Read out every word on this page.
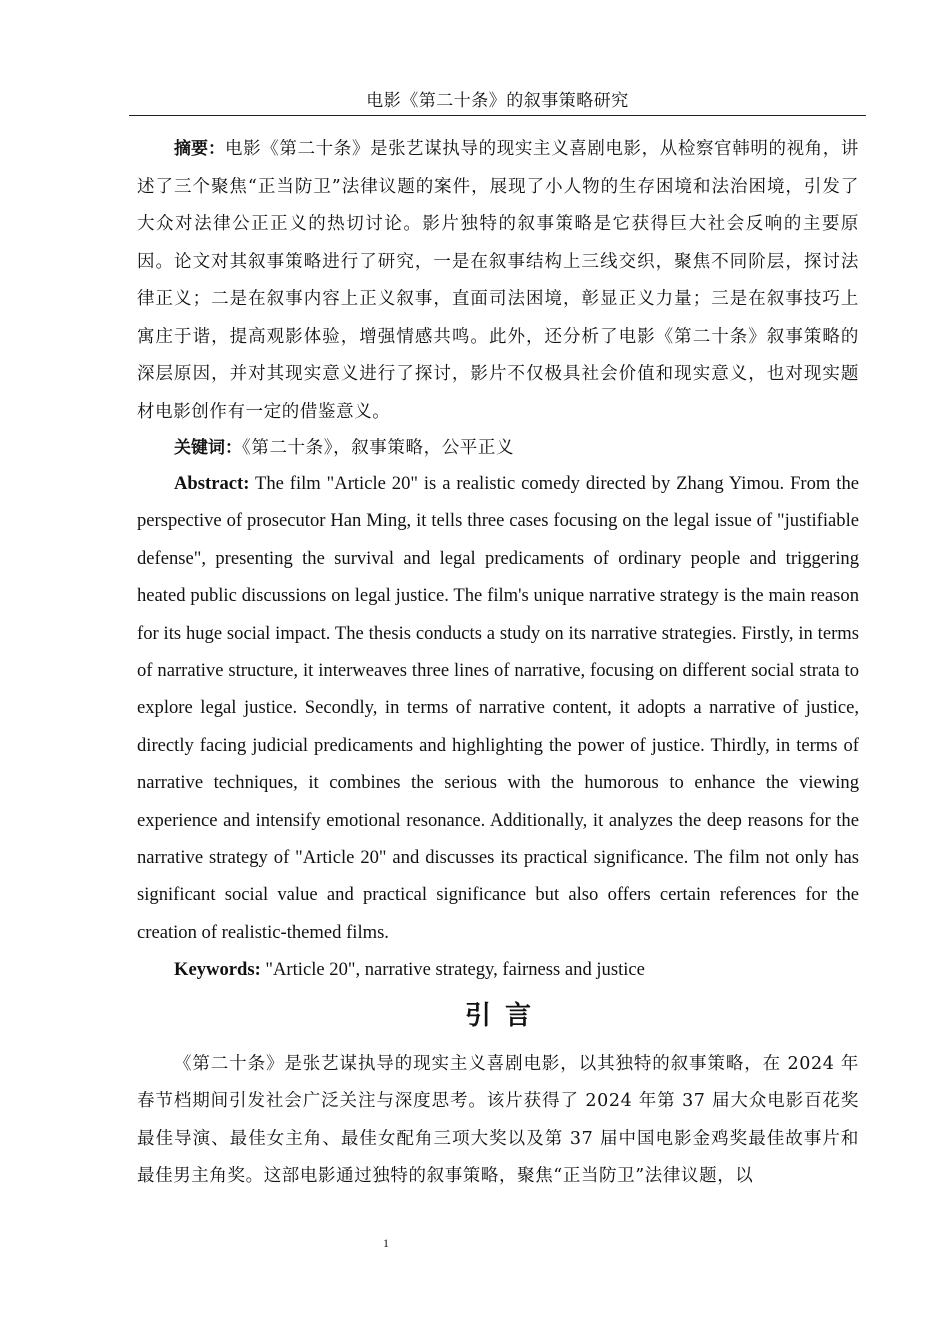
电影《第二十条》的叙事策略研究

摘要：电影《第二十条》是张艺谋执导的现实主义喜剧电影，从检察官韩明的视角，讲述了三个聚焦“正当防卫”法律议题的案件，展现了小人物的生存困境和法治困境，引发了大众对法律公正正义的热切讨论。影片独特的叙事策略是它获得巨大社会反响的主要原因。论文对其叙事策略进行了研究，一是在叙事结构上三线交织，聚焦不同阶层，探讨法律正义；二是在叙事内容上正义叙事，直面司法困境，彰显正义力量；三是在叙事技巧上寓庄于谐，提高观影体验，增强情感共鸣。此外，还分析了电影《第二十条》叙事策略的深层原因，并对其现实意义进行了探讨，影片不仅极具社会价值和现实意义，也对现实题材电影创作有一定的借鉴意义。

关键词：《第二十条》，叙事策略，公平正义

Abstract: The film "Article 20" is a realistic comedy directed by Zhang Yimou. From the perspective of prosecutor Han Ming, it tells three cases focusing on the legal issue of "justifiable defense", presenting the survival and legal predicaments of ordinary people and triggering heated public discussions on legal justice. The film's unique narrative strategy is the main reason for its huge social impact. The thesis conducts a study on its narrative strategies. Firstly, in terms of narrative structure, it interweaves three lines of narrative, focusing on different social strata to explore legal justice. Secondly, in terms of narrative content, it adopts a narrative of justice, directly facing judicial predicaments and highlighting the power of justice. Thirdly, in terms of narrative techniques, it combines the serious with the humorous to enhance the viewing experience and intensify emotional resonance. Additionally, it analyzes the deep reasons for the narrative strategy of "Article 20" and discusses its practical significance. The film not only has significant social value and practical significance but also offers certain references for the creation of realistic-themed films.

Keywords: "Article 20", narrative strategy, fairness and justice

引言

《第二十条》是张艺谋执导的现实主义喜剧电影，以其独特的叙事策略，在 2024 年春节档期间引发社会广泛关注与深度思考。该片获得了 2024 年第 37 届大众电影百花奖最佳导演、最佳女主角、最佳女配角三项大奖以及第 37 届中国电影金鸡奖最佳故事片和最佳男主角奖。这部电影通过独特的叙事策略，聚焦“正当防卫”法律议题，以

1
